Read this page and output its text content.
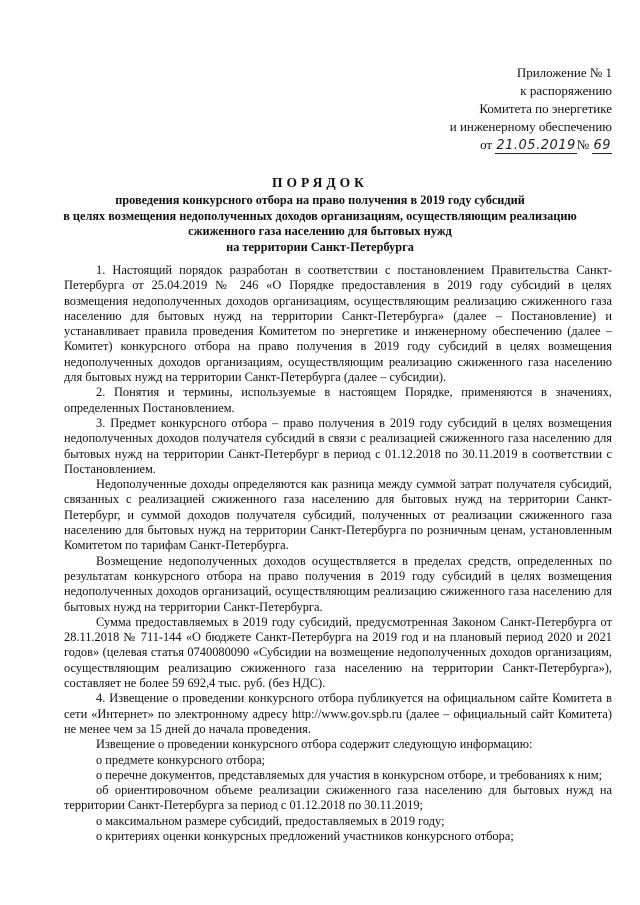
Приложение № 1
к распоряжению
Комитета по энергетике
и инженерному обеспечению
от 21.05.2019№ 69
ПОРЯДОК
проведения конкурсного отбора на право получения в 2019 году субсидий
в целях возмещения недополученных доходов организациям, осуществляющим реализацию
сжиженного газа населению для бытовых нужд
на территории Санкт-Петербурга

1. Настоящий порядок разработан в соответствии с постановлением Правительства Санкт-Петербурга от 25.04.2019 № 246 «О Порядке предоставления в 2019 году субсидий в целях возмещения недополученных доходов организациям, осуществляющим реализацию сжиженного газа населению для бытовых нужд на территории Санкт-Петербурга» (далее – Постановление) и устанавливает правила проведения Комитетом по энергетике и инженерному обеспечению (далее – Комитет) конкурсного отбора на право получения в 2019 году субсидий в целях возмещения недополученных доходов организациям, осуществляющим реализацию сжиженного газа населению для бытовых нужд на территории Санкт-Петербурга (далее – субсидии).

2. Понятия и термины, используемые в настоящем Порядке, применяются в значениях, определенных Постановлением.

3. Предмет конкурсного отбора – право получения в 2019 году субсидий в целях возмещения недополученных доходов получателя субсидий в связи с реализацией сжиженного газа населению для бытовых нужд на территории Санкт-Петербург в период с 01.12.2018 по 30.11.2019 в соответствии с Постановлением.

Недополученные доходы определяются как разница между суммой затрат получателя субсидий, связанных с реализацией сжиженного газа населению для бытовых нужд на территории Санкт-Петербург, и суммой доходов получателя субсидий, полученных от реализации сжиженного газа населению для бытовых нужд на территории Санкт-Петербурга по розничным ценам, установленным Комитетом по тарифам Санкт-Петербурга.

Возмещение недополученных доходов осуществляется в пределах средств, определенных по результатам конкурсного отбора на право получения в 2019 году субсидий в целях возмещения недополученных доходов организаций, осуществляющим реализацию сжиженного газа населению для бытовых нужд на территории Санкт-Петербурга.

Сумма предоставляемых в 2019 году субсидий, предусмотренная Законом Санкт-Петербурга от 28.11.2018 № 711-144 «О бюджете Санкт-Петербурга на 2019 год и на плановый период 2020 и 2021 годов» (целевая статья 0740080090 «Субсидии на возмещение недополученных доходов организациям, осуществляющим реализацию сжиженного газа населению на территории Санкт-Петербурга»), составляет не более 59 692,4 тыс. руб. (без НДС).

4. Извещение о проведении конкурсного отбора публикуется на официальном сайте Комитета в сети «Интернет» по электронному адресу http://www.gov.spb.ru (далее – официальный сайт Комитета) не менее чем за 15 дней до начала проведения.

Извещение о проведении конкурсного отбора содержит следующую информацию:

о предмете конкурсного отбора;

о перечне документов, представляемых для участия в конкурсном отборе, и требованиях к ним;

об ориентировочном объеме реализации сжиженного газа населению для бытовых нужд на территории Санкт-Петербурга за период с 01.12.2018 по 30.11.2019;

о максимальном размере субсидий, предоставляемых в 2019 году;

о критериях оценки конкурсных предложений участников конкурсного отбора;
